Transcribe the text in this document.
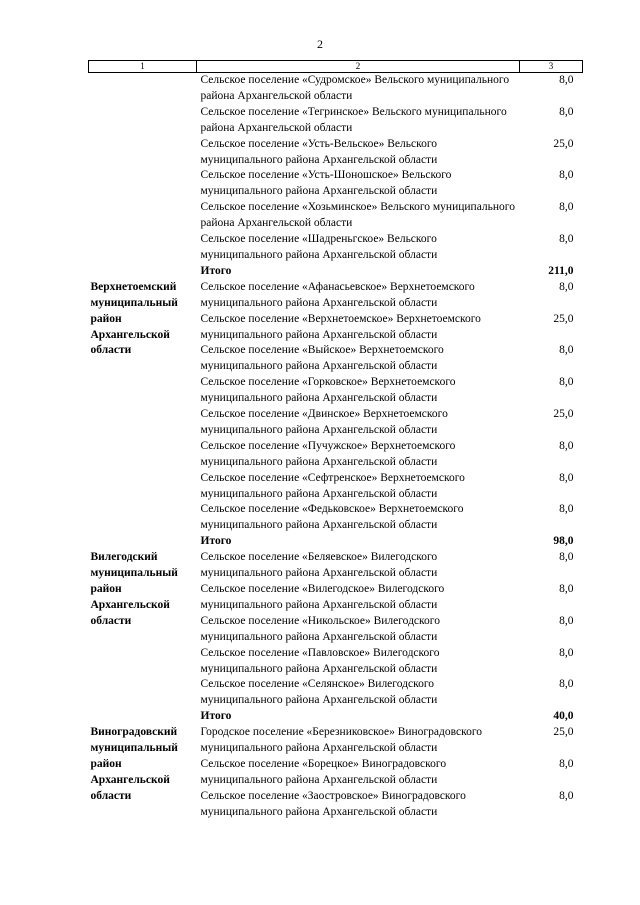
2
1	2	3
	Сельское поселение «Судромское» Вельского муниципального района Архангельской области	8,0
	Сельское поселение «Тегринское» Вельского муниципального района Архангельской области	8,0
	Сельское поселение «Усть-Вельское» Вельского муниципального района Архангельской области	25,0
	Сельское поселение «Усть-Шоношское» Вельского муниципального района Архангельской области	8,0
	Сельское поселение «Хозьминское» Вельского муниципального района Архангельской области	8,0
	Сельское поселение «Шадреньгское» Вельского муниципального района Архангельской области	8,0
	Итого	211,0
Верхнетоемский муниципальный район Архангельской области	Сельское поселение «Афанасьевское» Верхнетоемского муниципального района Архангельской области	8,0
	Сельское поселение «Верхнетоемское» Верхнетоемского муниципального района Архангельской области	25,0
	Сельское поселение «Выйское» Верхнетоемского муниципального района Архангельской области	8,0
	Сельское поселение «Горковское» Верхнетоемского муниципального района Архангельской области	8,0
	Сельское поселение «Двинское» Верхнетоемского муниципального района Архангельской области	25,0
	Сельское поселение «Пучужское» Верхнетоемского муниципального района Архангельской области	8,0
	Сельское поселение «Сефтренское» Верхнетоемского муниципального района Архангельской области	8,0
	Сельское поселение «Федьковское» Верхнетоемского муниципального района Архангельской области	8,0
	Итого	98,0
Вилегодский муниципальный район Архангельской области	Сельское поселение «Беляевское» Вилегодского муниципального района Архангельской области	8,0
	Сельское поселение «Вилегодское» Вилегодского муниципального района Архангельской области	8,0
	Сельское поселение «Никольское» Вилегодского муниципального района Архангельской области	8,0
	Сельское поселение «Павловское» Вилегодского муниципального района Архангельской области	8,0
	Сельское поселение «Селянское» Вилегодского муниципального района Архангельской области	8,0
	Итого	40,0
Виноградовский муниципальный район Архангельской области	Городское поселение «Березниковское» Виноградовского муниципального района Архангельской области	25,0
	Сельское поселение «Борецкое» Виноградовского муниципального района Архангельской области	8,0
	Сельское поселение «Заостровское» Виноградовского муниципального района Архангельской области	8,0
